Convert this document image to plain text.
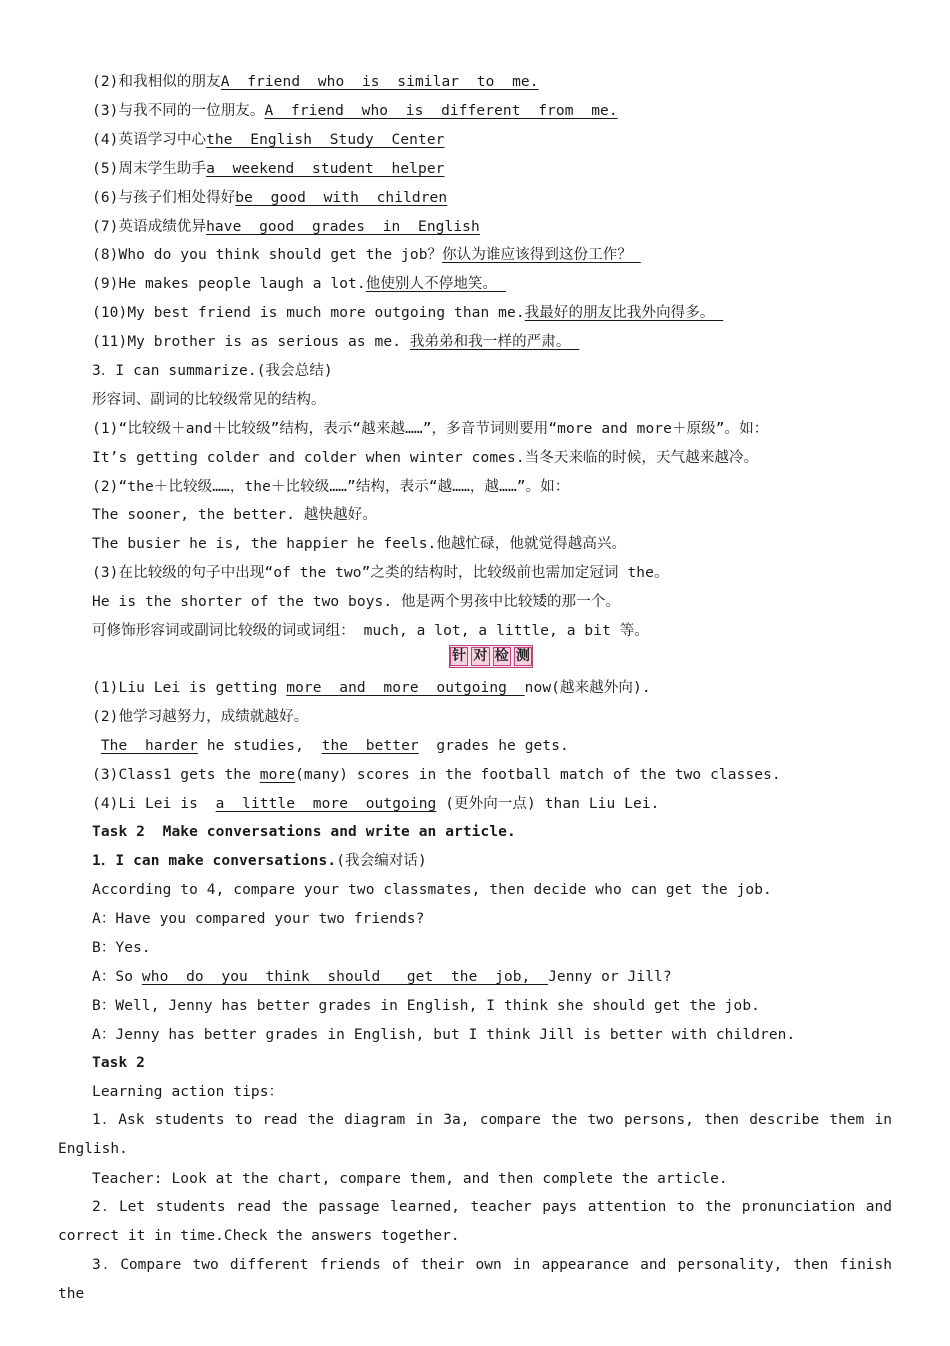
(2)和我相似的朋友A  friend  who  is  similar  to  me.
(3)与我不同的一位朋友。A  friend  who  is  different  from  me.
(4)英语学习中心the  English  Study  Center
(5)周末学生助手a  weekend  student  helper
(6)与孩子们相处得好be  good  with  children
(7)英语成绩优异have  good  grades  in  English
(8)Who do you think should get the job？你认为谁应该得到这份工作？
(9)He makes people laugh a lot.他使别人不停地笑。
(10)My best friend is much more outgoing than me.我最好的朋友比我外向得多。
(11)My brother is as serious as me. 我弟弟和我一样的严肃。
3．I can summarize.(我会总结)
形容词、副词的比较级常见的结构。
(1)“比较级＋and＋比较级”结构，表示“越来越……”，多音节词则要用“more and more＋原级”。如：
It’s getting colder and colder when winter comes.当冬天来临的时候，天气越来越冷。
(2)“the＋比较级……，the＋比较级……”结构，表示“越……，越……”。如：
The sooner, the better. 越快越好。
The busier he is, the happier he feels.他越忙碌，他就觉得越高兴。
(3)在比较级的句子中出现“of the two”之类的结构时，比较级前也需加定冠词 the。
He is the shorter of the two boys. 他是两个男孩中比较矮的那一个。
可修饰形容词或副词比较级的词或词组： much, a lot, a little, a bit 等。
针 对 检 测
(1)Liu Lei is getting more  and  more  outgoing  now(越来越外向).
(2)他学习越努力，成绩就越好。
The  harder he studies,  the  better  grades he gets.
(3)Class1 gets the more(many) scores in the football match of the two classes.
(4)Li Lei is  a  little  more  outgoing (更外向一点) than Liu Lei.
Task 2  Make conversations and write an article.
1．I can make conversations.(我会编对话)
According to 4, compare your two classmates, then decide who can get the job.
A：Have you compared your two friends?
B：Yes.
A：So who  do  you  think  should   get  the  job,  Jenny or Jill?
B：Well, Jenny has better grades in English, I think she should get the job.
A：Jenny has better grades in English, but I think Jill is better with children.
Task 2
Learning action tips：
1．Ask students to read the diagram in 3a, compare the two persons, then describe them in English.
Teacher: Look at the chart, compare them, and then complete the article.
2．Let students read the passage learned, teacher pays attention to the pronunciation and correct it in time.Check the answers together.
3．Compare two different friends of their own in appearance and personality, then finish the
